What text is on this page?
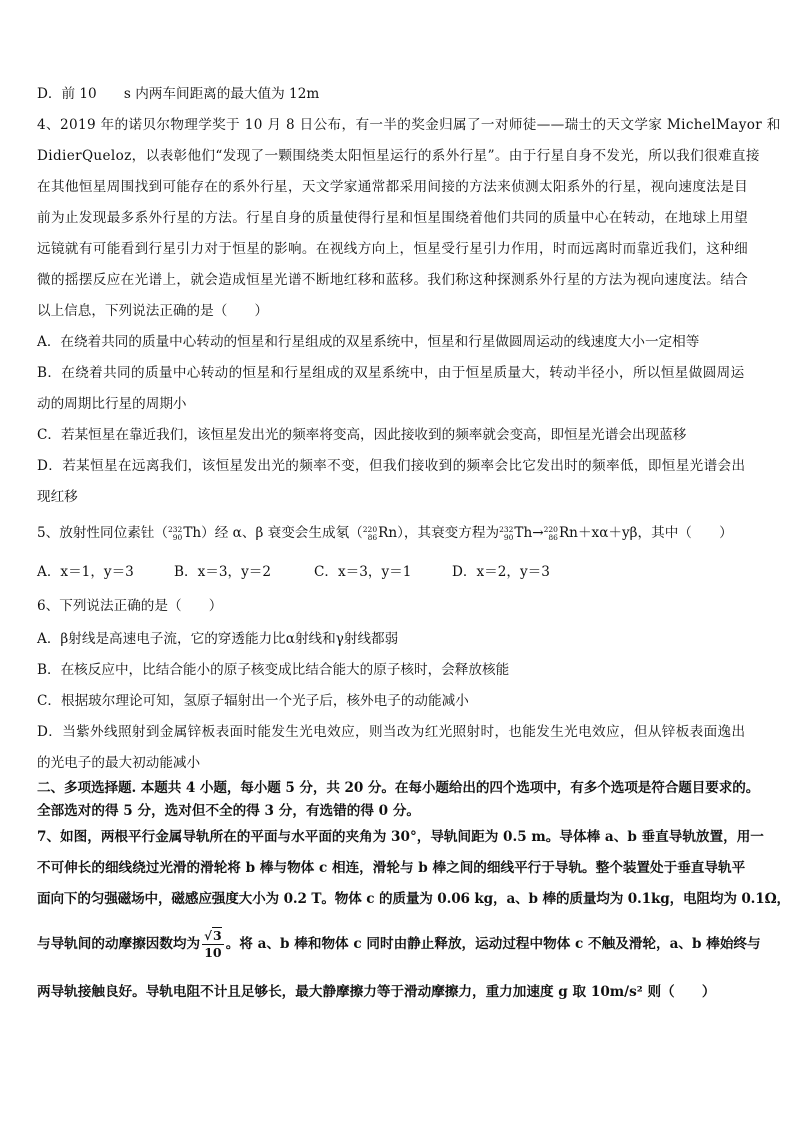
D．前 10　　s 内两车间距离的最大值为 12m
4、2019 年的诺贝尔物理学奖于 10 月 8 日公布，有一半的奖金归属了一对师徒——瑞士的天文学家 MichelMayor 和
DidierQueloz，以表彰他们“发现了一颗围绕类太阳恒星运行的系外行星”。由于行星自身不发光，所以我们很难直接
在其他恒星周围找到可能存在的系外行星，天文学家通常都采用间接的方法来侦测太阳系外的行星，视向速度法是目
前为止发现最多系外行星的方法。行星自身的质量使得行星和恒星围绕着他们共同的质量中心在转动，在地球上用望
远镜就有可能看到行星引力对于恒星的影响。在视线方向上，恒星受行星引力作用，时而远离时而靠近我们，这种细
微的摇摆反应在光谱上，就会造成恒星光谱不断地红移和蓝移。我们称这种探测系外行星的方法为视向速度法。结合
以上信息，下列说法正确的是（　　）
A．在绕着共同的质量中心转动的恒星和行星组成的双星系统中，恒星和行星做圆周运动的线速度大小一定相等
B．在绕着共同的质量中心转动的恒星和行星组成的双星系统中，由于恒星质量大，转动半径小，所以恒星做圆周运
动的周期比行星的周期小
C．若某恒星在靠近我们，该恒星发出光的频率将变高，因此接收到的频率就会变高，即恒星光谱会出现蓝移
D．若某恒星在远离我们，该恒星发出光的频率不变，但我们接收到的频率会比它发出时的频率低，即恒星光谱会出
现红移
5、放射性同位素钍（ 232
90 Th）经 α、β 衰变会生成氡（ 220
86 Rn），其衰变方程为 232
90 Th→ 220
86 Rn＋xα＋yβ，其中（　　）
A．x＝1，y＝3	B．x＝3，y＝2	C．x＝3，y＝1	D．x＝2，y＝3
6、下列说法正确的是（　　）
A．β射线是高速电子流，它的穿透能力比α射线和γ射线都弱
B．在核反应中，比结合能小的原子核变成比结合能大的原子核时，会释放核能
C．根据玻尔理论可知，氢原子辐射出一个光子后，核外电子的动能减小
D．当紫外线照射到金属锌板表面时能发生光电效应，则当改为红光照射时，也能发生光电效应，但从锌板表面逸出
的光电子的最大初动能减小
二、多项选择题. 本题共 4 小题，每小题 5 分，共 20 分。在每小题给出的四个选项中，有多个选项是符合题目要求的。
全部选对的得 5 分，选对但不全的得 3 分，有选错的得 0 分。
7、如图，两根平行金属导轨所在的平面与水平面的夹角为 30°，导轨间距为 0.5 m。导体棒 a、b 垂直导轨放置，用一
不可伸长的细线绕过光滑的滑轮将 b 棒与物体 c 相连，滑轮与 b 棒之间的细线平行于导轨。整个装置处于垂直导轨平
面向下的匀强磁场中，磁感应强度大小为 0.2 T。物体 c 的质量为 0.06 kg，a、b 棒的质量均为 0.1kg，电阻均为 0.1Ω，
与导轨间的动摩擦因数均为 $\frac{√3}{10}$ 。将 a、b 棒和物体 c 同时由静止释放，运动过程中物体 c 不触及滑轮，a、b 棒始终与
两导轨接触良好。导轨电阻不计且足够长，最大静摩擦力等于滑动摩擦力，重力加速度 g 取 10m/s² 则（　　）
